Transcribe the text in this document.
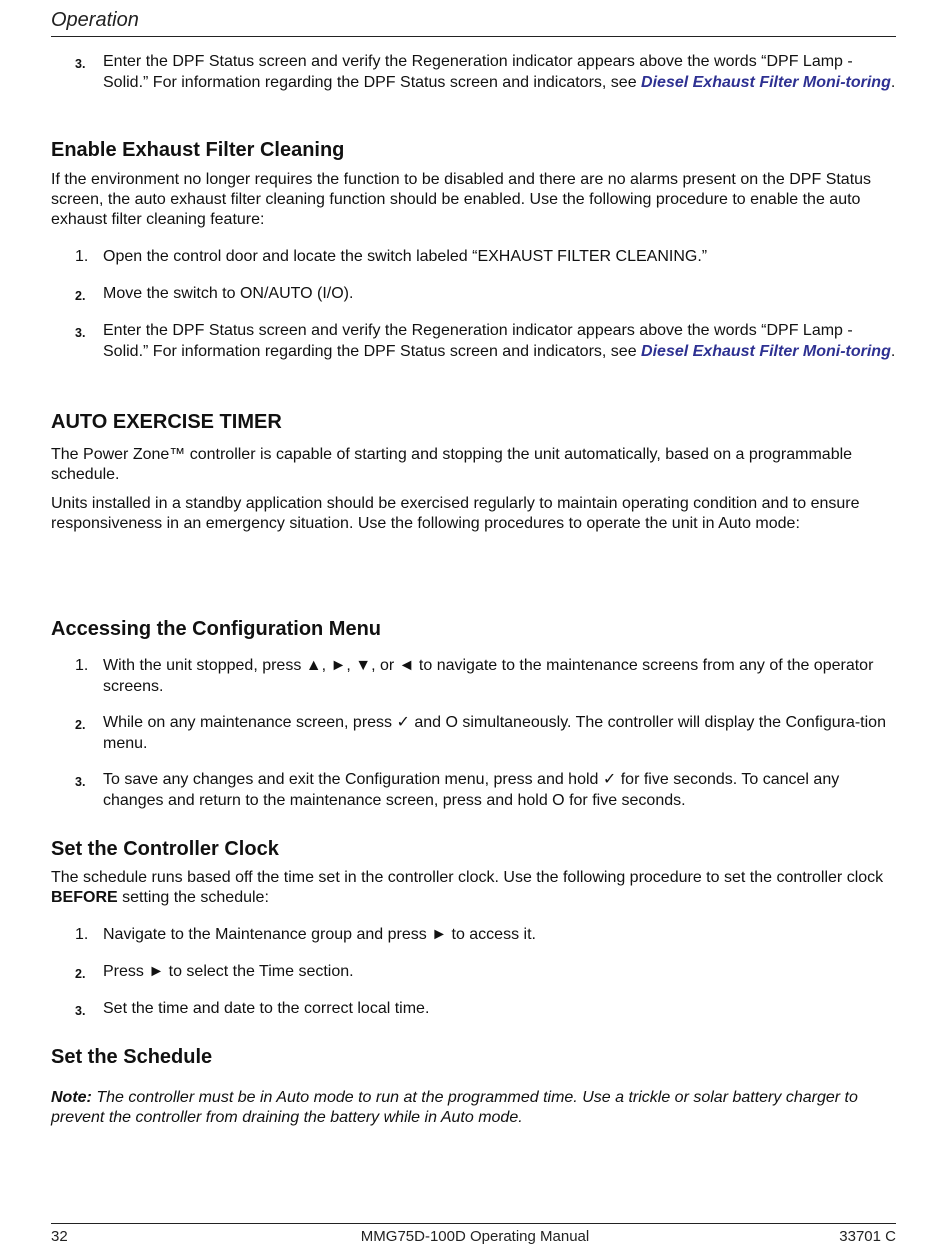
Operation
3.	Enter the DPF Status screen and verify the Regeneration indicator appears above the words “DPF Lamp - Solid.” For information regarding the DPF Status screen and indicators, see Diesel Exhaust Filter Moni-toring.
Enable Exhaust Filter Cleaning
If the environment no longer requires the function to be disabled and there are no alarms present on the DPF Status screen, the auto exhaust filter cleaning function should be enabled. Use the following procedure to enable the auto exhaust filter cleaning feature:
1. Open the control door and locate the switch labeled “EXHAUST FILTER CLEANING.”
2.	Move the switch to ON/AUTO (I/O).
3.	Enter the DPF Status screen and verify the Regeneration indicator appears above the words “DPF Lamp - Solid.” For information regarding the DPF Status screen and indicators, see Diesel Exhaust Filter Moni-toring.
AUTO EXERCISE TIMER
The Power Zone™ controller is capable of starting and stopping the unit automatically, based on a programmable schedule.
Units installed in a standby application should be exercised regularly to maintain operating condition and to ensure responsiveness in an emergency situation. Use the following procedures to operate the unit in Auto mode:
Accessing the Configuration Menu
1. With the unit stopped, press ▲, ►, ▼, or ◄ to navigate to the maintenance screens from any of the operator screens.
2.	While on any maintenance screen, press ✓ and O simultaneously. The controller will display the Configura-tion menu.
3.	To save any changes and exit the Configuration menu, press and hold ✓ for five seconds. To cancel any changes and return to the maintenance screen, press and hold O for five seconds.
Set the Controller Clock
The schedule runs based off the time set in the controller clock. Use the following procedure to set the controller clock BEFORE setting the schedule:
1. Navigate to the Maintenance group and press ► to access it.
2.	Press ► to select the Time section.
3.	Set the time and date to the correct local time.
Set the Schedule
Note: The controller must be in Auto mode to run at the programmed time. Use a trickle or solar battery charger to prevent the controller from draining the battery while in Auto mode.
32	MMG75D-100D Operating Manual	33701 C
